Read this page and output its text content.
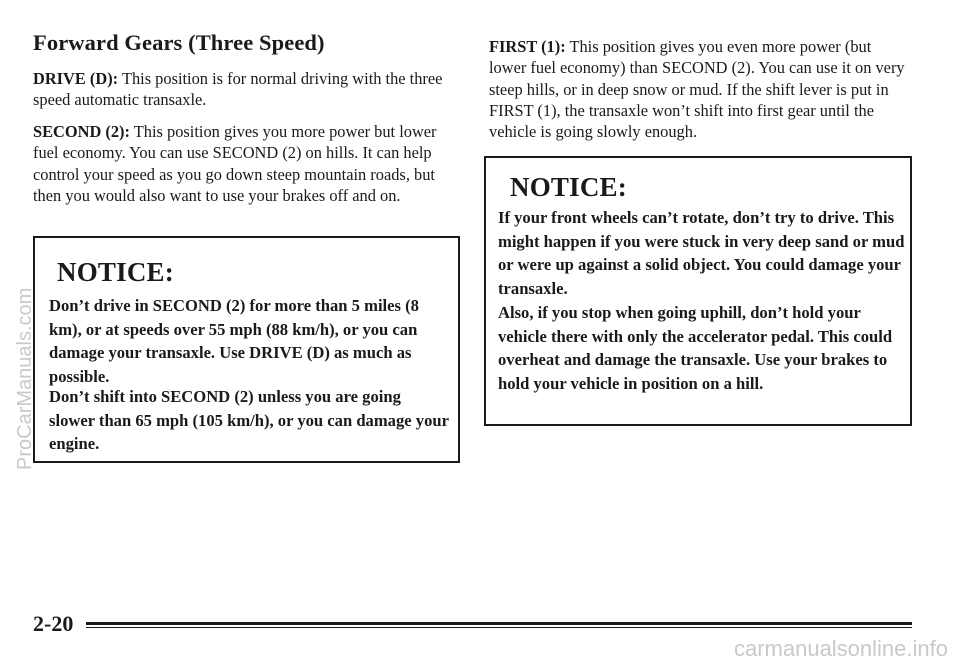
Forward Gears (Three Speed)

DRIVE (D): This position is for normal driving with the three speed automatic transaxle.

SECOND (2): This position gives you more power but lower fuel economy. You can use SECOND (2) on hills. It can help control your speed as you go down steep mountain roads, but then you would also want to use your brakes off and on.

NOTICE:

Don’t drive in SECOND (2) for more than 5 miles (8 km), or at speeds over 55 mph (88 km/h), or you can damage your transaxle. Use DRIVE (D) as much as possible.

Don’t shift into SECOND (2) unless you are going slower than 65 mph (105 km/h), or you can damage your engine.

FIRST (1): This position gives you even more power (but lower fuel economy) than SECOND (2). You can use it on very steep hills, or in deep snow or mud. If the shift lever is put in FIRST (1), the transaxle won’t shift into first gear until the vehicle is going slowly enough.

NOTICE:

If your front wheels can’t rotate, don’t try to drive. This might happen if you were stuck in very deep sand or mud or were up against a solid object. You could damage your transaxle.

Also, if you stop when going uphill, don’t hold your vehicle there with only the accelerator pedal. This could overheat and damage the transaxle. Use your brakes to hold your vehicle in position on a hill.

2-20
ProCarManuals.com
carmanualsonline.info
